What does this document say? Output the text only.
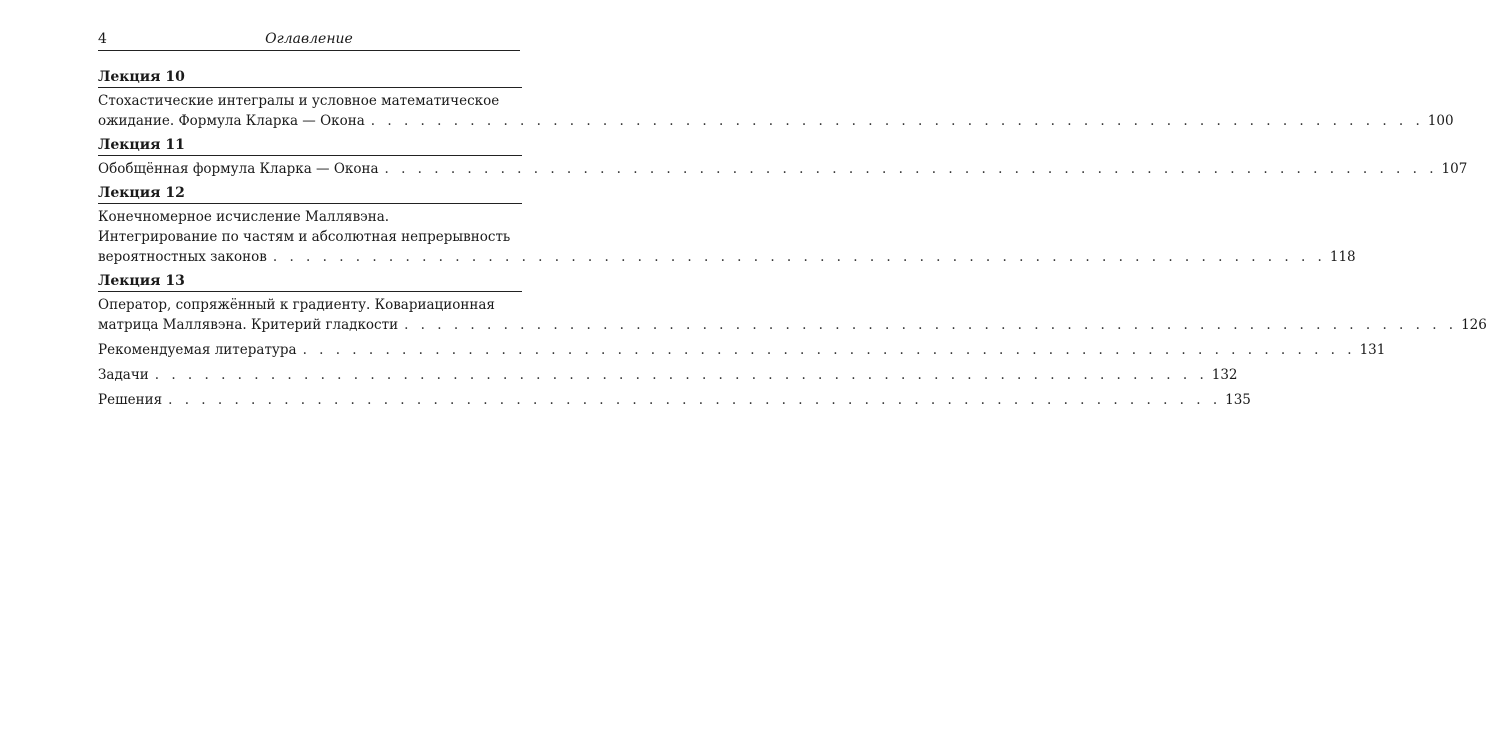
4	Оглавление
Лекция 10
Стохастические интегралы и условное математическое
ожидание. Формула Кларка — Окона . . . . . . . . . . . . . . . . . . . . . . . . . . . . . . . . . . . . . . . . . . . . . . . . . . . . . . . . . . . . . . . . 100
Лекция 11
Обобщённая формула Кларка — Окона . . . . . . . . . . . . . . . . . . . . . . . . . . . . . . . . . . . . . . . . . . . . . . . . . . . . . . . . . . . . . . . . 107
Лекция 12
Конечномерное исчисление Маллявэна.
Интегрирование по частям и абсолютная непрерывность
вероятностных законов . . . . . . . . . . . . . . . . . . . . . . . . . . . . . . . . . . . . . . . . . . . . . . . . . . . . . . . . . . . . . . . . 118
Лекция 13
Оператор, сопряжённый к градиенту. Ковариационная
матрица Маллявэна. Критерий гладкости . . . . . . . . . . . . . . . . . . . . . . . . . . . . . . . . . . . . . . . . . . . . . . . . . . . . . . . . . . . . . . . . 126
Рекомендуемая литература . . . . . . . . . . . . . . . . . . . . . . . . . . . . . . . . . . . . . . . . . . . . . . . . . . . . . . . . . . . . . . . . 131
Задачи . . . . . . . . . . . . . . . . . . . . . . . . . . . . . . . . . . . . . . . . . . . . . . . . . . . . . . . . . . . . . . . . 132
Решения . . . . . . . . . . . . . . . . . . . . . . . . . . . . . . . . . . . . . . . . . . . . . . . . . . . . . . . . . . . . . . . . 135
